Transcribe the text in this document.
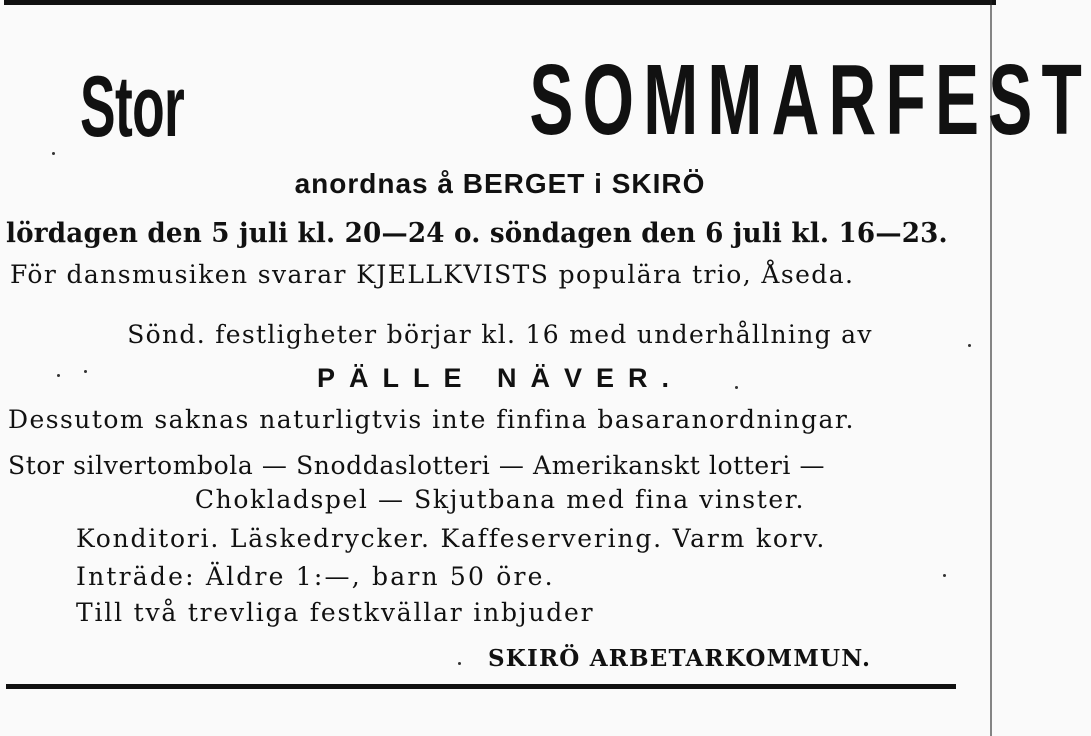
Stor	SOMMARFEST
anordnas å BERGET i SKIRÖ
lördagen den 5 juli kl. 20—24 o. söndagen den 6 juli kl. 16—23.
För dansmusiken svarar KJELLKVISTS populära trio, Åseda.
Sönd. festligheter börjar kl. 16 med underhållning av
PÄLLE NÄVER.
Dessutom saknas naturligtvis inte finfina basaranordningar.
Stor silvertombola — Snoddaslotteri — Amerikanskt lotteri —
Chokladspel — Skjutbana med fina vinster.
Konditori. Läskedrycker. Kaffeservering. Varm korv.
Inträde: Äldre 1:—, barn 50 öre.
Till två trevliga festkvällar inbjuder
SKIRÖ ARBETARKOMMUN.
